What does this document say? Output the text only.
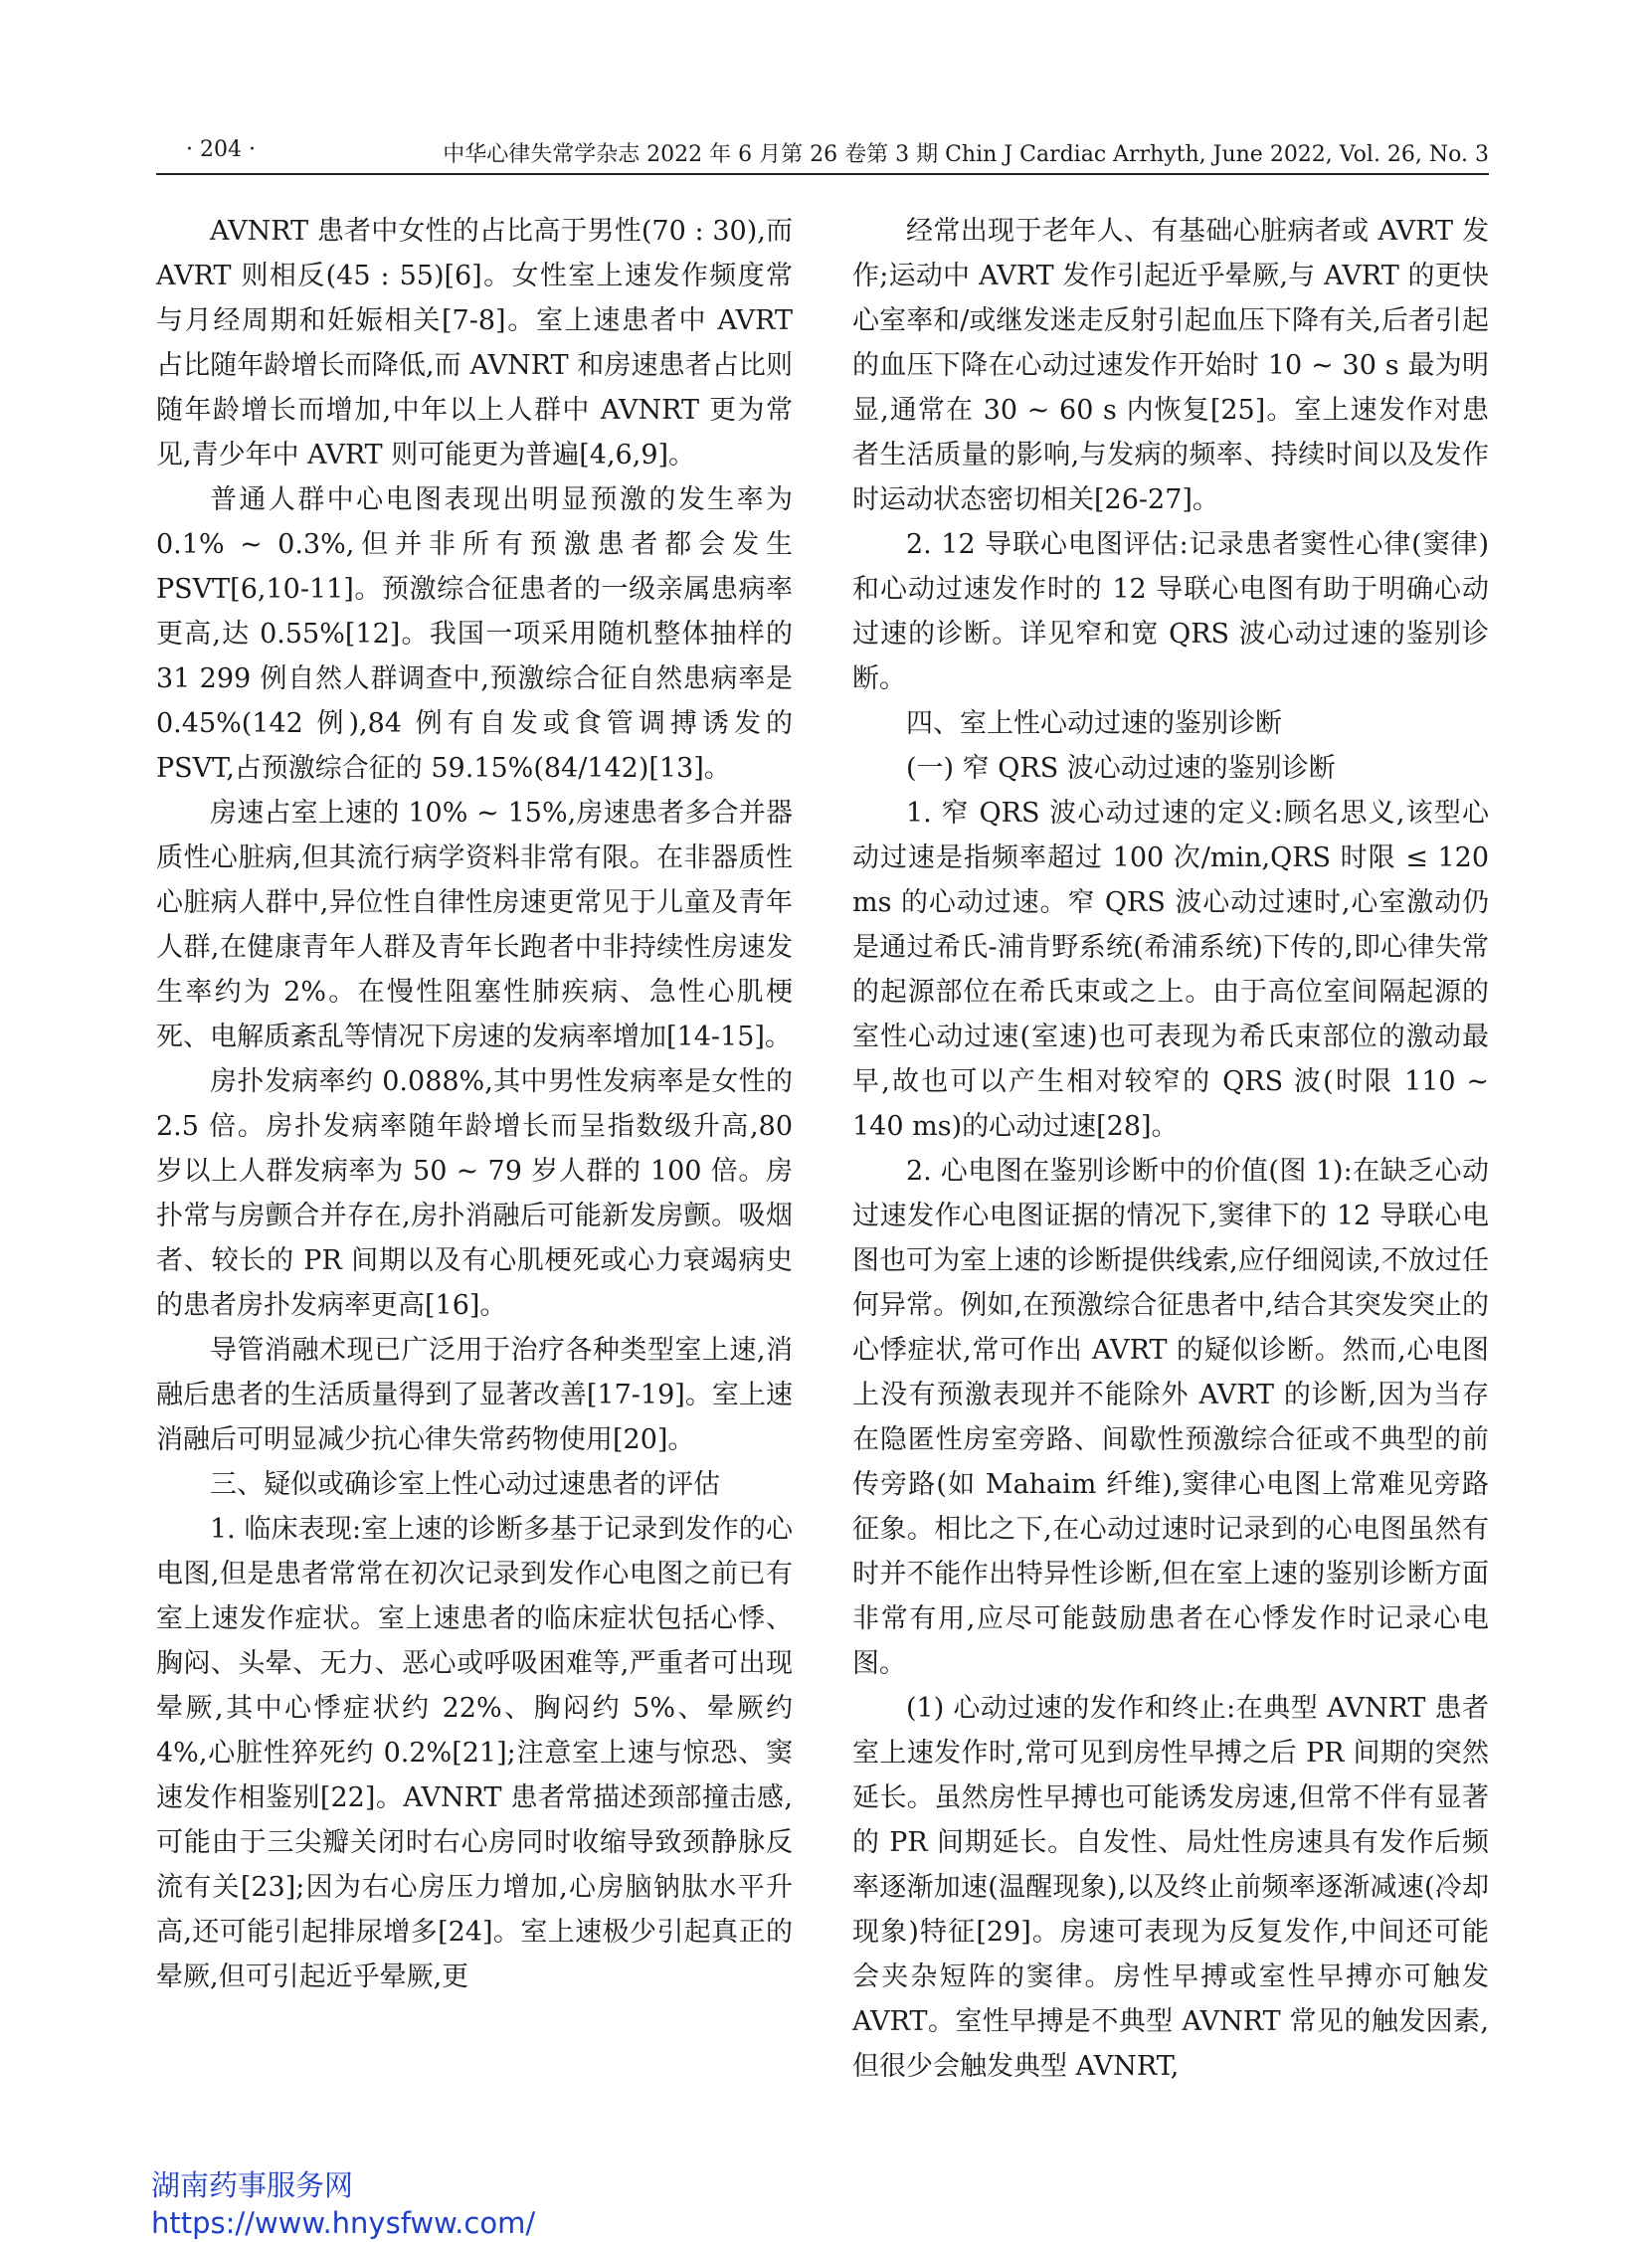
· 204 ·	中华心律失常学杂志 2022 年 6 月第 26 卷第 3 期 Chin J Cardiac Arrhyth, June 2022, Vol. 26, No. 3

AVNRT 患者中女性的占比高于男性(70 : 30),而 AVRT 则相反(45 : 55)[6]。女性室上速发作频度常与月经周期和妊娠相关[7-8]。室上速患者中 AVRT 占比随年龄增长而降低,而 AVNRT 和房速患者占比则随年龄增长而增加,中年以上人群中 AVNRT 更为常见,青少年中 AVRT 则可能更为普遍[4,6,9]。

普通人群中心电图表现出明显预激的发生率为 0.1% ~ 0.3%,但并非所有预激患者都会发生 PSVT[6,10-11]。预激综合征患者的一级亲属患病率更高,达 0.55%[12]。我国一项采用随机整体抽样的 31 299 例自然人群调查中,预激综合征自然患病率是 0.45%(142 例),84 例有自发或食管调搏诱发的 PSVT,占预激综合征的 59.15%(84/142)[13]。

房速占室上速的 10% ~ 15%,房速患者多合并器质性心脏病,但其流行病学资料非常有限。在非器质性心脏病人群中,异位性自律性房速更常见于儿童及青年人群,在健康青年人群及青年长跑者中非持续性房速发生率约为 2%。在慢性阻塞性肺疾病、急性心肌梗死、电解质紊乱等情况下房速的发病率增加[14-15]。

房扑发病率约 0.088%,其中男性发病率是女性的 2.5 倍。房扑发病率随年龄增长而呈指数级升高,80 岁以上人群发病率为 50 ~ 79 岁人群的 100 倍。房扑常与房颤合并存在,房扑消融后可能新发房颤。吸烟者、较长的 PR 间期以及有心肌梗死或心力衰竭病史的患者房扑发病率更高[16]。

导管消融术现已广泛用于治疗各种类型室上速,消融后患者的生活质量得到了显著改善[17-19]。室上速消融后可明显减少抗心律失常药物使用[20]。

三、疑似或确诊室上性心动过速患者的评估

1. 临床表现:室上速的诊断多基于记录到发作的心电图,但是患者常常在初次记录到发作心电图之前已有室上速发作症状。室上速患者的临床症状包括心悸、胸闷、头晕、无力、恶心或呼吸困难等,严重者可出现晕厥,其中心悸症状约 22%、胸闷约 5%、晕厥约 4%,心脏性猝死约 0.2%[21];注意室上速与惊恐、窦速发作相鉴别[22]。AVNRT 患者常描述颈部撞击感,可能由于三尖瓣关闭时右心房同时收缩导致颈静脉反流有关[23];因为右心房压力增加,心房脑钠肽水平升高,还可能引起排尿增多[24]。室上速极少引起真正的晕厥,但可引起近乎晕厥,更

经常出现于老年人、有基础心脏病者或 AVRT 发作;运动中 AVRT 发作引起近乎晕厥,与 AVRT 的更快心室率和/或继发迷走反射引起血压下降有关,后者引起的血压下降在心动过速发作开始时 10 ~ 30 s 最为明显,通常在 30 ~ 60 s 内恢复[25]。室上速发作对患者生活质量的影响,与发病的频率、持续时间以及发作时运动状态密切相关[26-27]。

2. 12 导联心电图评估:记录患者窦性心律(窦律)和心动过速发作时的 12 导联心电图有助于明确心动过速的诊断。详见窄和宽 QRS 波心动过速的鉴别诊断。

四、室上性心动过速的鉴别诊断

(一) 窄 QRS 波心动过速的鉴别诊断

1. 窄 QRS 波心动过速的定义:顾名思义,该型心动过速是指频率超过 100 次/min,QRS 时限 ≤ 120 ms 的心动过速。窄 QRS 波心动过速时,心室激动仍是通过希氏-浦肯野系统(希浦系统)下传的,即心律失常的起源部位在希氏束或之上。由于高位室间隔起源的室性心动过速(室速)也可表现为希氏束部位的激动最早,故也可以产生相对较窄的 QRS 波(时限 110 ~ 140 ms)的心动过速[28]。

2. 心电图在鉴别诊断中的价值(图 1):在缺乏心动过速发作心电图证据的情况下,窦律下的 12 导联心电图也可为室上速的诊断提供线索,应仔细阅读,不放过任何异常。例如,在预激综合征患者中,结合其突发突止的心悸症状,常可作出 AVRT 的疑似诊断。然而,心电图上没有预激表现并不能除外 AVRT 的诊断,因为当存在隐匿性房室旁路、间歇性预激综合征或不典型的前传旁路(如 Mahaim 纤维),窦律心电图上常难见旁路征象。相比之下,在心动过速时记录到的心电图虽然有时并不能作出特异性诊断,但在室上速的鉴别诊断方面非常有用,应尽可能鼓励患者在心悸发作时记录心电图。

(1) 心动过速的发作和终止:在典型 AVNRT 患者室上速发作时,常可见到房性早搏之后 PR 间期的突然延长。虽然房性早搏也可能诱发房速,但常不伴有显著的 PR 间期延长。自发性、局灶性房速具有发作后频率逐渐加速(温醒现象),以及终止前频率逐渐减速(冷却现象)特征[29]。房速可表现为反复发作,中间还可能会夹杂短阵的窦律。房性早搏或室性早搏亦可触发 AVRT。室性早搏是不典型 AVNRT 常见的触发因素,但很少会触发典型 AVNRT,

湖南药事服务网
https://www.hnysfww.com/
